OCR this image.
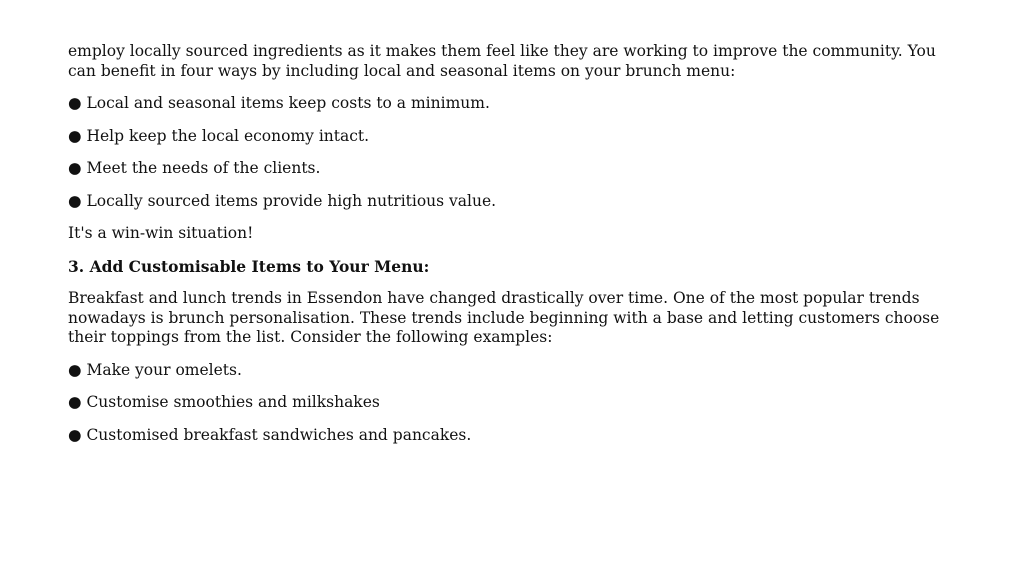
employ locally sourced ingredients as it makes them feel like they are working to improve the community. You can benefit in four ways by including local and seasonal items on your brunch menu:

● Local and seasonal items keep costs to a minimum.

● Help keep the local economy intact.

● Meet the needs of the clients.

● Locally sourced items provide high nutritious value.

It's a win-win situation!

3. Add Customisable Items to Your Menu:

Breakfast and lunch trends in Essendon have changed drastically over time. One of the most popular trends nowadays is brunch personalisation. These trends include beginning with a base and letting customers choose their toppings from the list. Consider the following examples:

● Make your omelets.

● Customise smoothies and milkshakes

● Customised breakfast sandwiches and pancakes.
